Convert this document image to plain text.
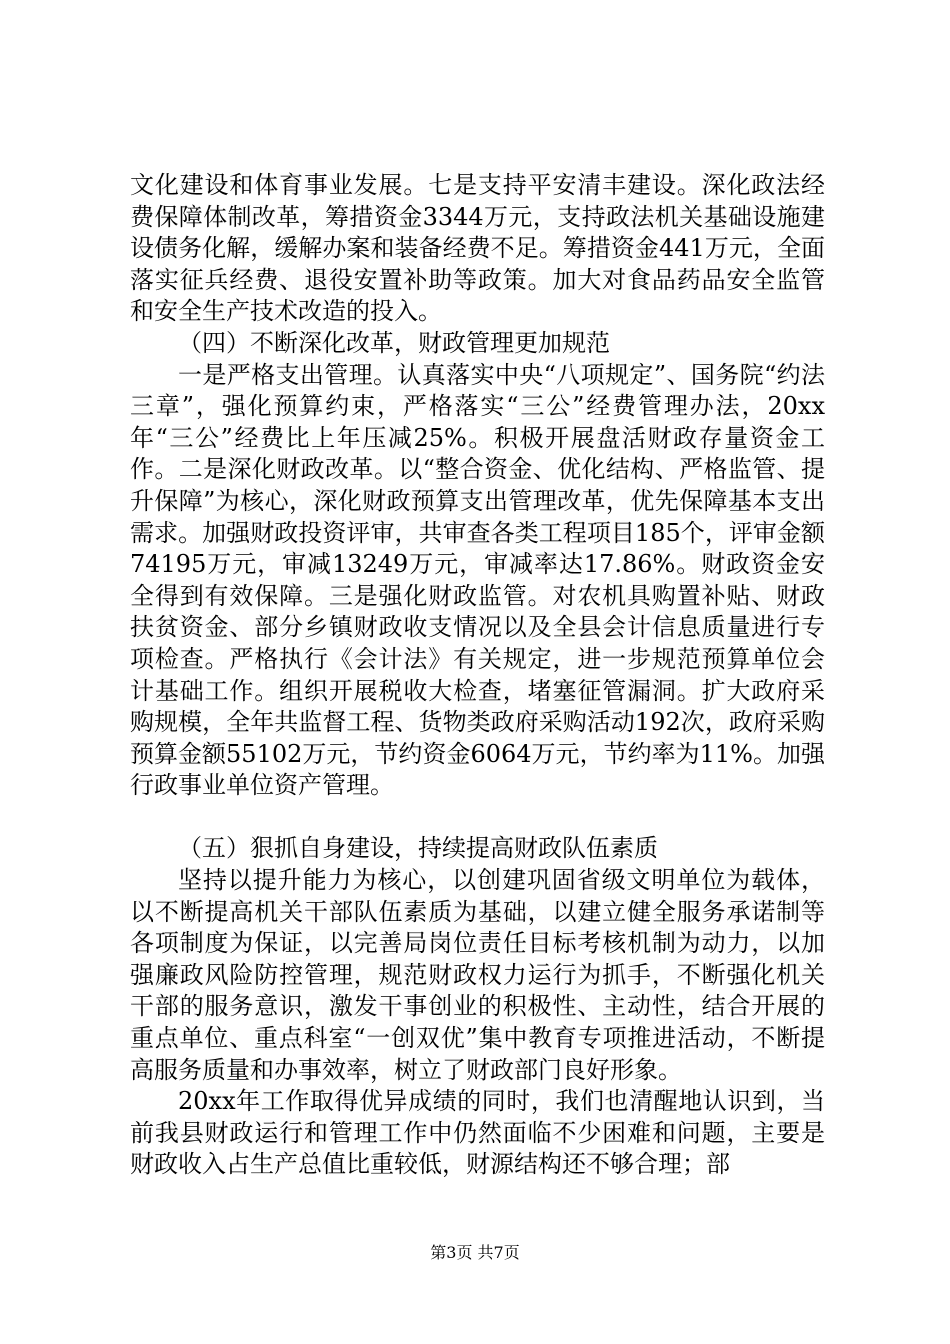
文化建设和体育事业发展。七是支持平安清丰建设。深化政法经费保障体制改革，筹措资金3344万元，支持政法机关基础设施建设债务化解，缓解办案和装备经费不足。筹措资金441万元，全面落实征兵经费、退役安置补助等政策。加大对食品药品安全监管和安全生产技术改造的投入。

（四）不断深化改革，财政管理更加规范

一是严格支出管理。认真落实中央“八项规定”、国务院“约法三章”，强化预算约束，严格落实“三公”经费管理办法，20xx年“三公”经费比上年压减25%。积极开展盘活财政存量资金工作。二是深化财政改革。以“整合资金、优化结构、严格监管、提升保障”为核心，深化财政预算支出管理改革，优先保障基本支出需求。加强财政投资评审，共审查各类工程项目185个，评审金额74195万元，审减13249万元，审减率达17.86%。财政资金安全得到有效保障。三是强化财政监管。对农机具购置补贴、财政扶贫资金、部分乡镇财政收支情况以及全县会计信息质量进行专项检查。严格执行《会计法》有关规定，进一步规范预算单位会计基础工作。组织开展税收大检查，堵塞征管漏洞。扩大政府采购规模，全年共监督工程、货物类政府采购活动192次，政府采购预算金额55102万元，节约资金6064万元，节约率为11%。加强行政事业单位资产管理。

（五）狠抓自身建设，持续提高财政队伍素质

坚持以提升能力为核心，以创建巩固省级文明单位为载体，以不断提高机关干部队伍素质为基础，以建立健全服务承诺制等各项制度为保证，以完善局岗位责任目标考核机制为动力，以加强廉政风险防控管理，规范财政权力运行为抓手，不断强化机关干部的服务意识，激发干事创业的积极性、主动性，结合开展的重点单位、重点科室“一创双优”集中教育专项推进活动，不断提高服务质量和办事效率，树立了财政部门良好形象。

20xx年工作取得优异成绩的同时，我们也清醒地认识到，当前我县财政运行和管理工作中仍然面临不少困难和问题，主要是财政收入占生产总值比重较低，财源结构还不够合理；部

第3页 共7页
